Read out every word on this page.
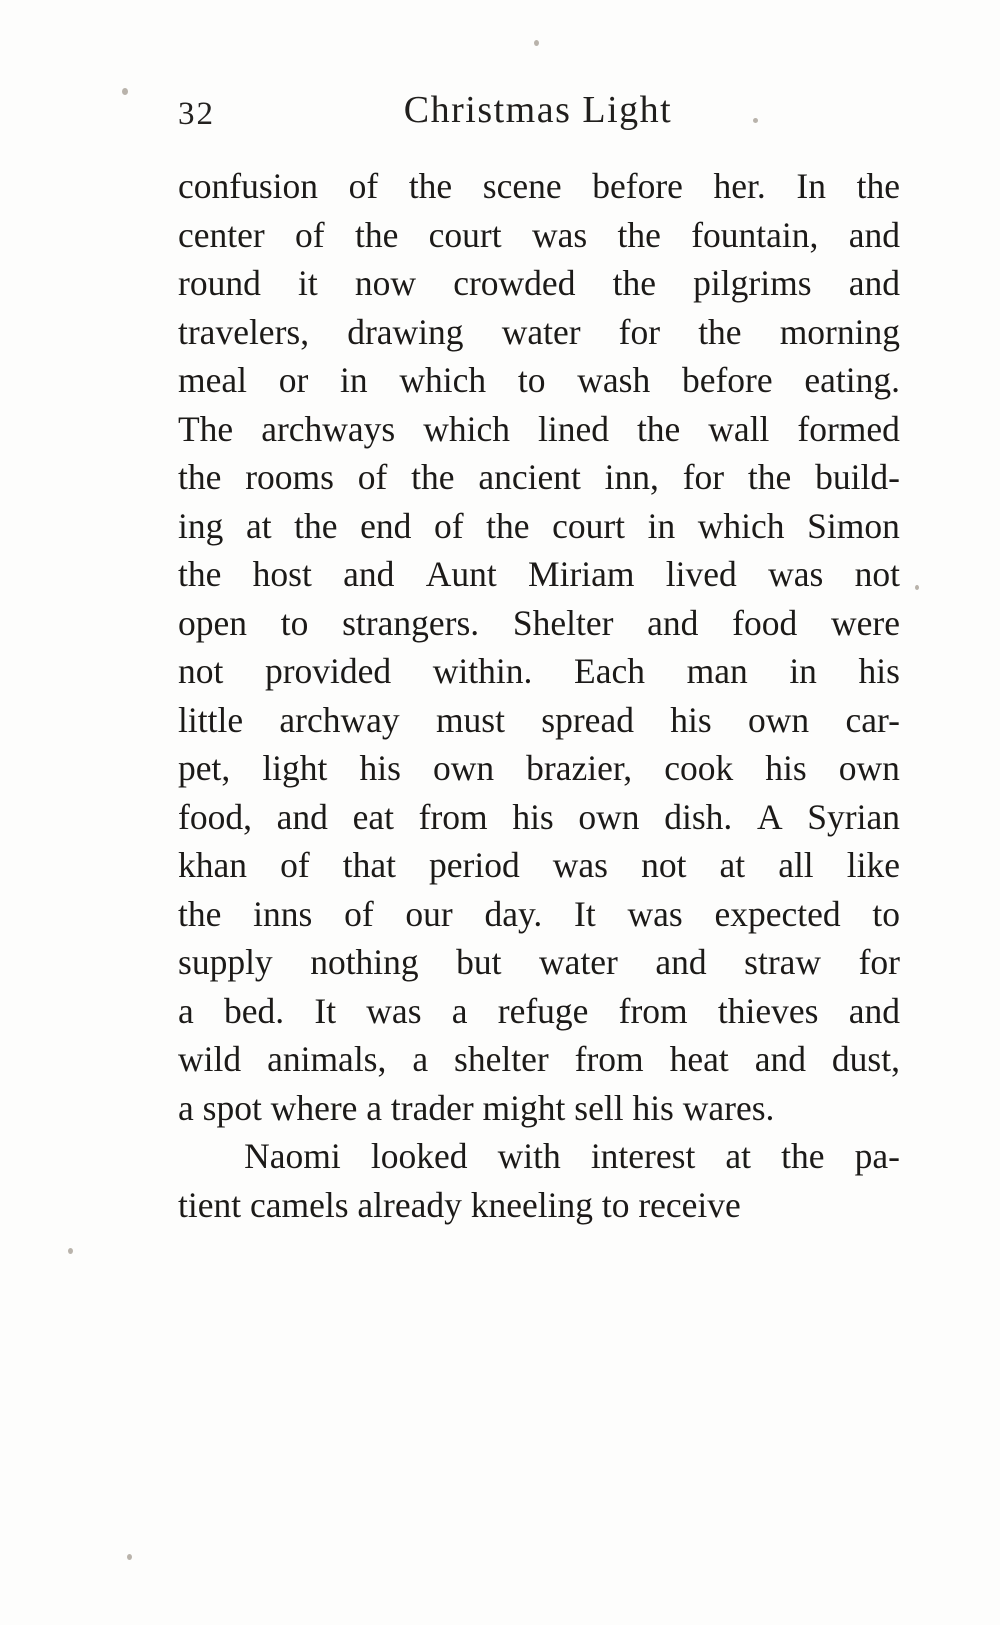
32	Christmas Light
confusion of the scene before her. In the
center of the court was the fountain, and
round it now crowded the pilgrims and
travelers, drawing water for the morning
meal or in which to wash before eating.
The archways which lined the wall formed
the rooms of the ancient inn, for the build-
ing at the end of the court in which Simon
the host and Aunt Miriam lived was not
open to strangers. Shelter and food were
not provided within. Each man in his
little archway must spread his own car-
pet, light his own brazier, cook his own
food, and eat from his own dish. A Syrian
khan of that period was not at all like
the inns of our day. It was expected to
supply nothing but water and straw for
a bed. It was a refuge from thieves and
wild animals, a shelter from heat and dust,
a spot where a trader might sell his wares.
Naomi looked with interest at the pa-
tient camels already kneeling to receive
